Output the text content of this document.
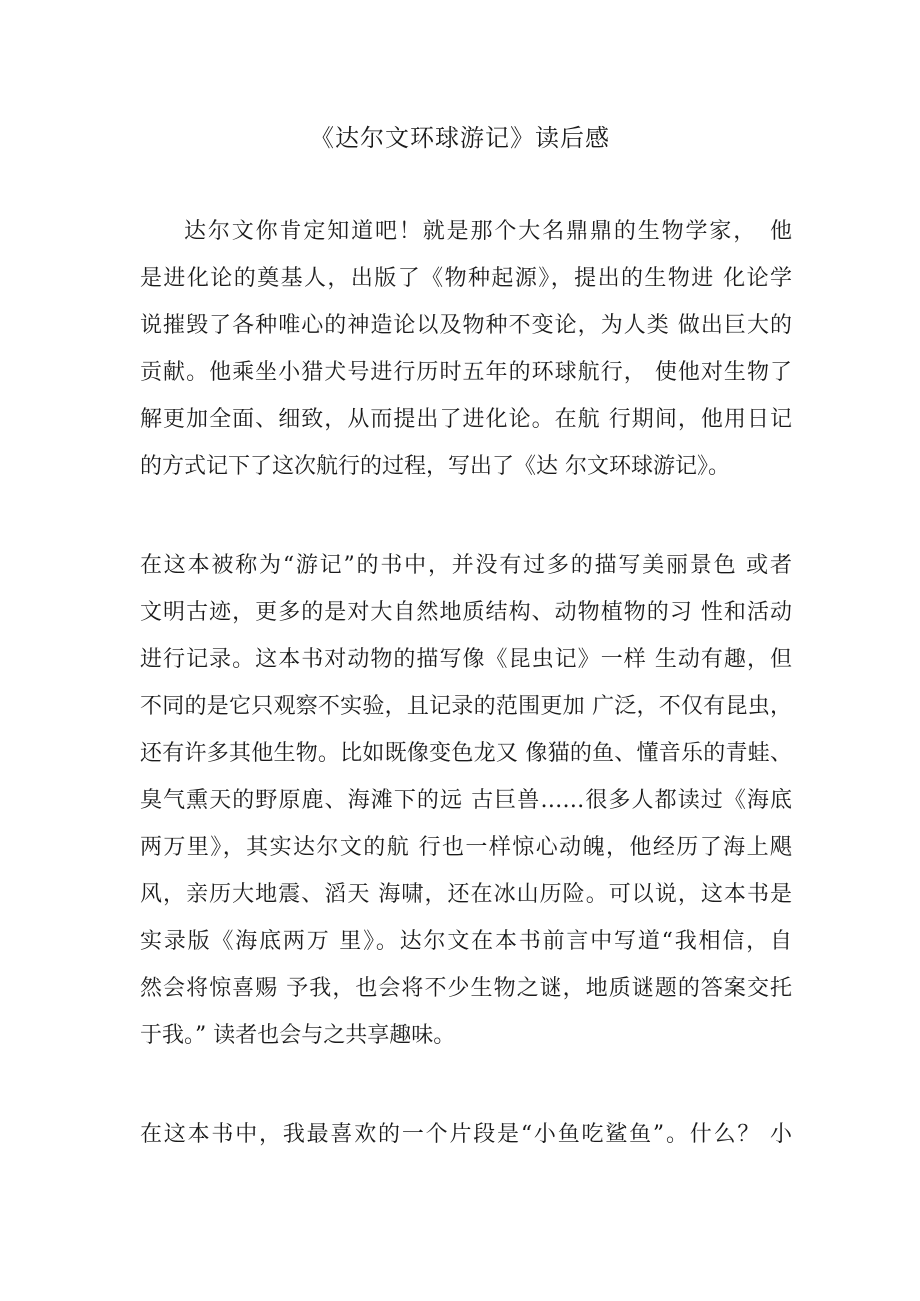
《达尔文环球游记》读后感
达尔文你肯定知道吧！就是那个大名鼎鼎的生物学家，　他
是进化论的奠基人，出版了《物种起源》，提出的生物进 化论学
说摧毁了各种唯心的神造论以及物种不变论，为人类 做出巨大的
贡献。他乘坐小猎犬号进行历时五年的环球航行， 使他对生物了
解更加全面、细致，从而提出了进化论。在航 行期间，他用日记
的方式记下了这次航行的过程，写出了《达 尔文环球游记》。
在这本被称为“游记”的书中，并没有过多的描写美丽景色 或者
文明古迹，更多的是对大自然地质结构、动物植物的习 性和活动
进行记录。这本书对动物的描写像《昆虫记》一样 生动有趣，但
不同的是它只观察不实验，且记录的范围更加 广泛，不仅有昆虫，
还有许多其他生物。比如既像变色龙又 像猫的鱼、懂音乐的青蛙、
臭气熏天的野原鹿、海滩下的远 古巨兽……很多人都读过《海底
两万里》，其实达尔文的航 行也一样惊心动魄，他经历了海上飓
风，亲历大地震、滔天 海啸，还在冰山历险。可以说，这本书是
实录版《海底两万 里》。达尔文在本书前言中写道“我相信，自
然会将惊喜赐 予我，也会将不少生物之谜，地质谜题的答案交托
于我。” 读者也会与之共享趣味。
在这本书中，我最喜欢的一个片段是“小鱼吃鲨鱼”。什么？ 小
